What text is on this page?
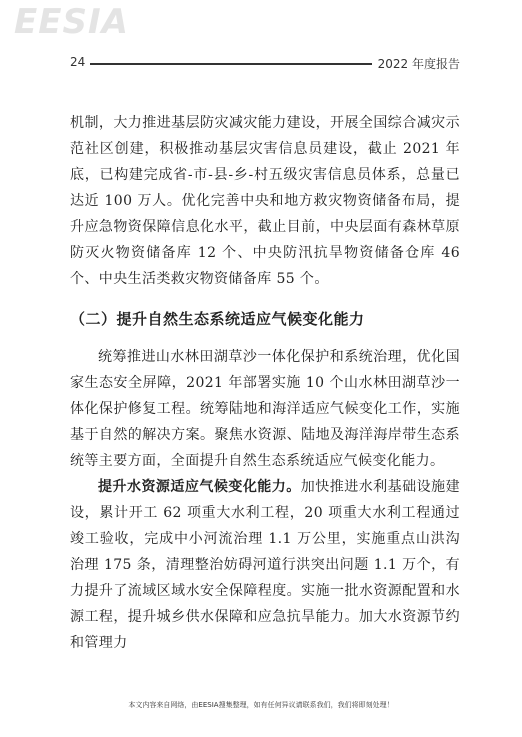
EESIA
24	2022 年度报告

机制，大力推进基层防灾减灾能力建设，开展全国综合减灾示范社区创建，积极推动基层灾害信息员建设，截止 2021 年底，已构建完成省-市-县-乡-村五级灾害信息员体系，总量已达近 100 万人。优化完善中央和地方救灾物资储备布局，提升应急物资保障信息化水平，截止目前，中央层面有森林草原防灭火物资储备库 12 个、中央防汛抗旱物资储备仓库 46 个、中央生活类救灾物资储备库 55 个。

（二）提升自然生态系统适应气候变化能力

统筹推进山水林田湖草沙一体化保护和系统治理，优化国家生态安全屏障，2021 年部署实施 10 个山水林田湖草沙一体化保护修复工程。统筹陆地和海洋适应气候变化工作，实施基于自然的解决方案。聚焦水资源、陆地及海洋海岸带生态系统等主要方面，全面提升自然生态系统适应气候变化能力。

提升水资源适应气候变化能力。加快推进水利基础设施建设，累计开工 62 项重大水利工程，20 项重大水利工程通过竣工验收，完成中小河流治理 1.1 万公里，实施重点山洪沟治理 175 条，清理整治妨碍河道行洪突出问题 1.1 万个，有力提升了流域区域水安全保障程度。实施一批水资源配置和水源工程，提升城乡供水保障和应急抗旱能力。加大水资源节约和管理力

本文内容来自网络，由EESIA搜集整理，如有任何异议请联系我们，我们将即刻处理！
